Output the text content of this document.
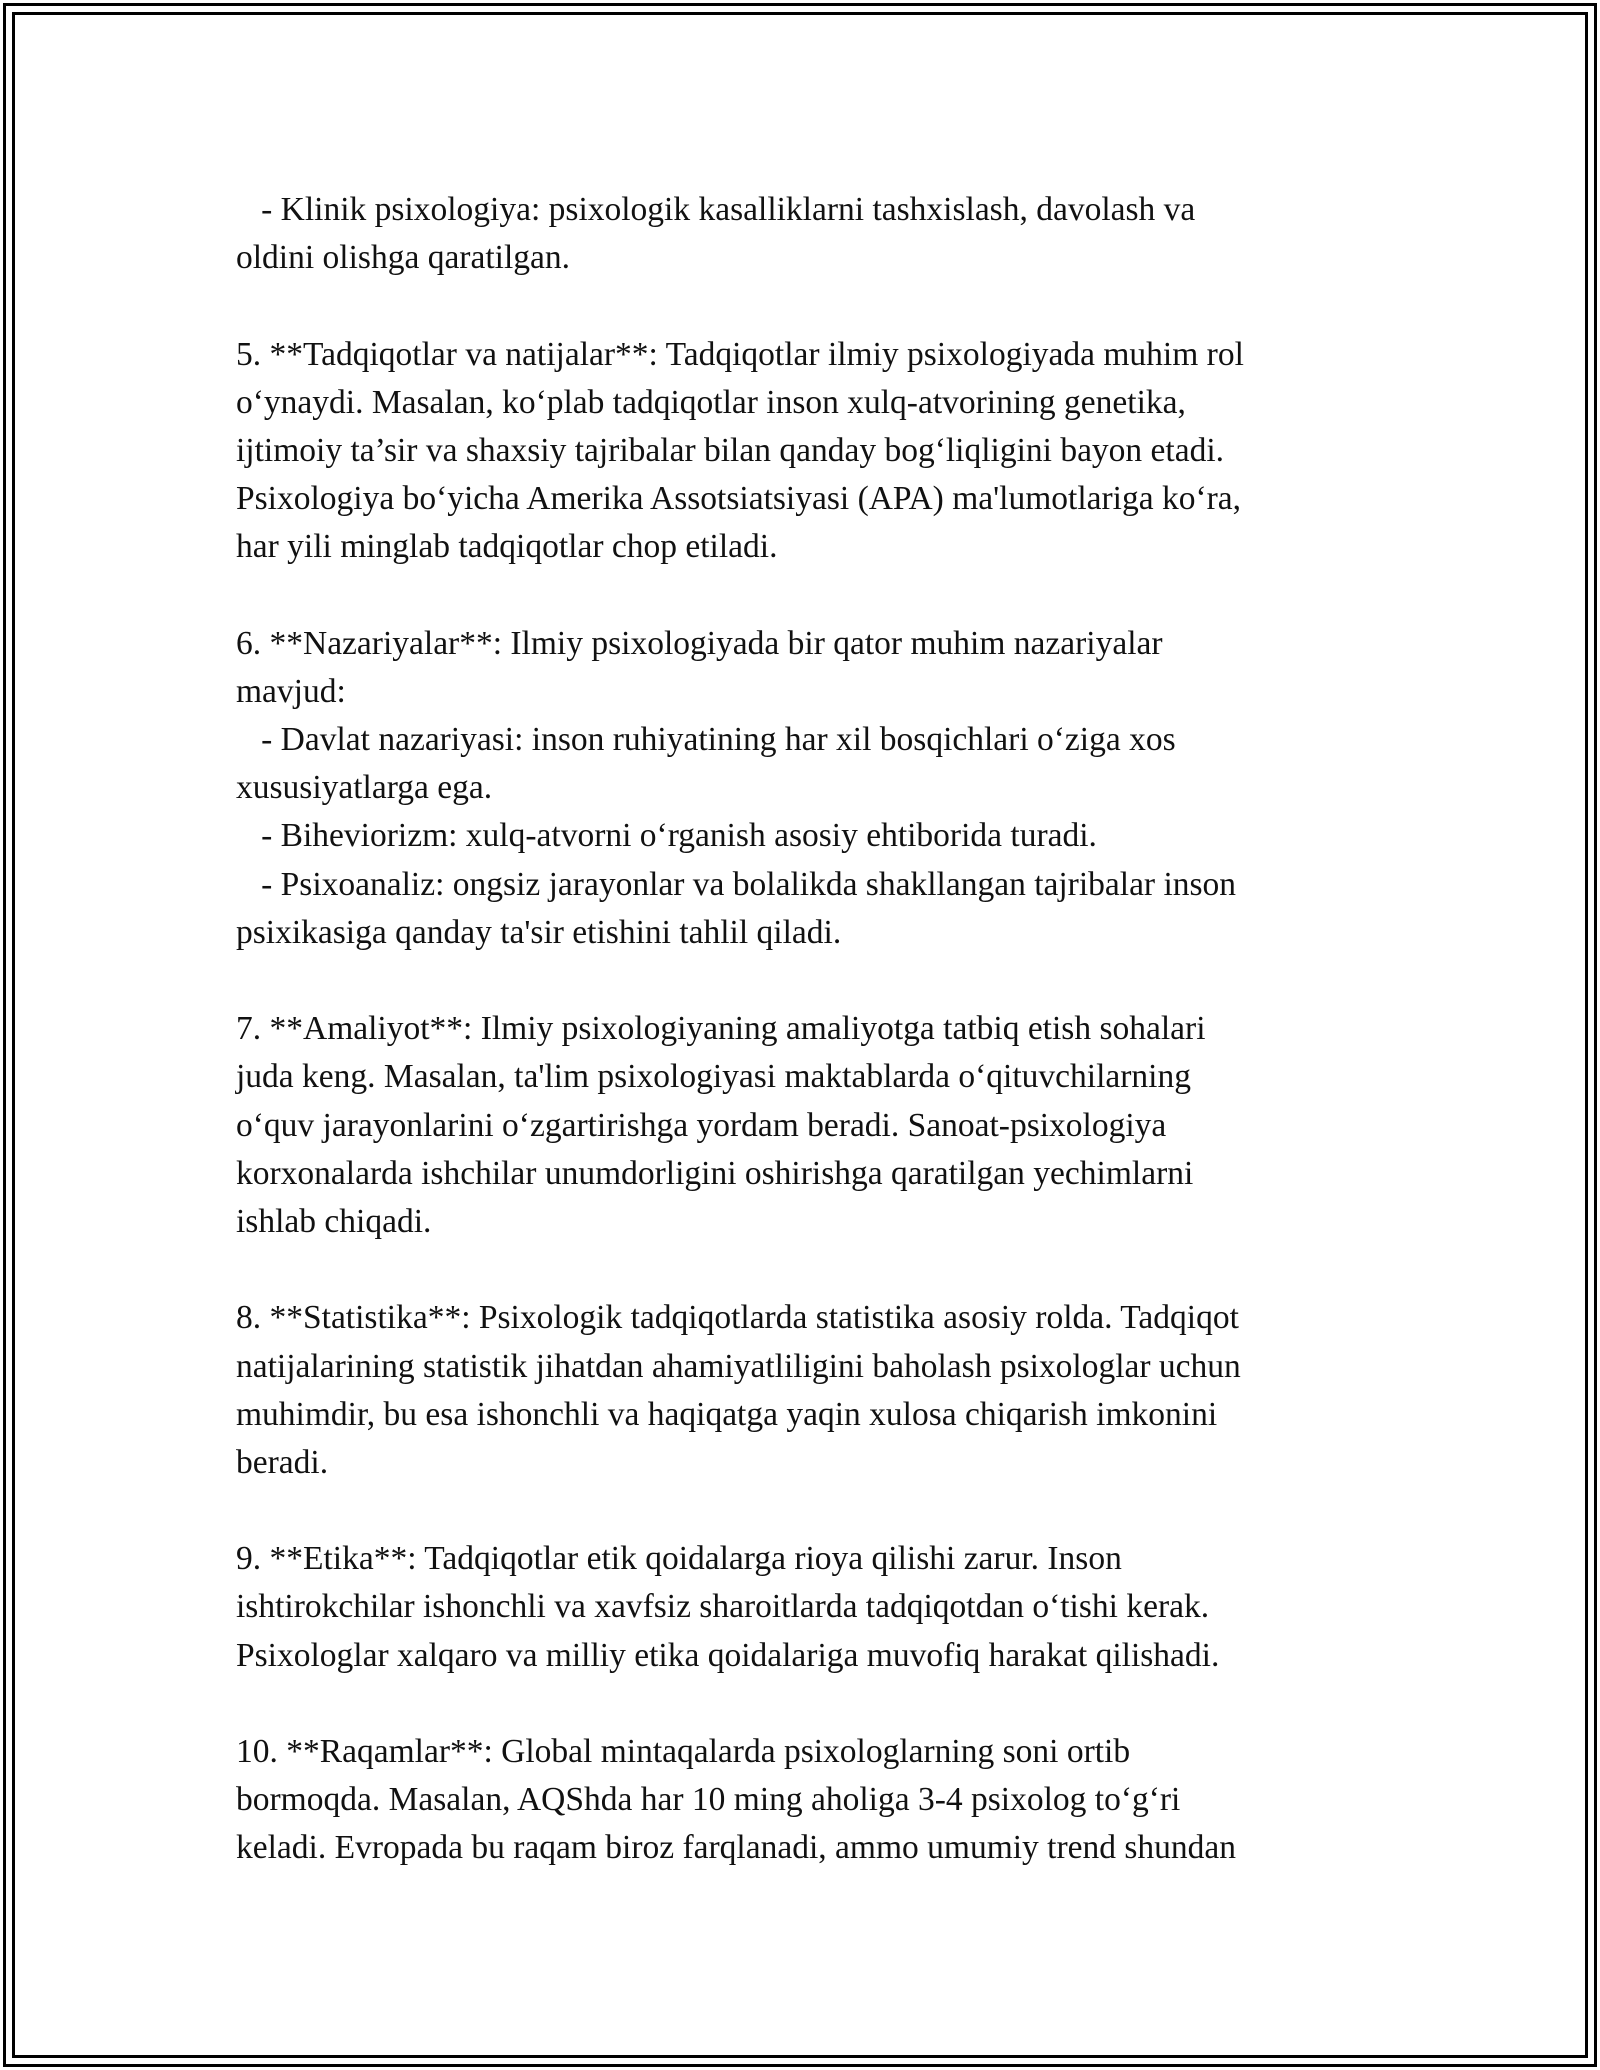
- Klinik psixologiya: psixologik kasalliklarni tashxislash, davolash va
oldini olishga qaratilgan.
5. **Tadqiqotlar va natijalar**: Tadqiqotlar ilmiy psixologiyada muhim rol
o‘ynaydi. Masalan, ko‘plab tadqiqotlar inson xulq-atvorining genetika,
ijtimoiy ta’sir va shaxsiy tajribalar bilan qanday bog‘liqligini bayon etadi.
Psixologiya bo‘yicha Amerika Assotsiatsiyasi (APA) ma'lumotlariga ko‘ra,
har yili minglab tadqiqotlar chop etiladi.
6. **Nazariyalar**: Ilmiy psixologiyada bir qator muhim nazariyalar
mavjud:
- Davlat nazariyasi: inson ruhiyatining har xil bosqichlari o‘ziga xos
xususiyatlarga ega.
- Biheviorizm: xulq-atvorni o‘rganish asosiy ehtiborida turadi.
- Psixoanaliz: ongsiz jarayonlar va bolalikda shakllangan tajribalar inson
psixikasiga qanday ta'sir etishini tahlil qiladi.
7. **Amaliyot**: Ilmiy psixologiyaning amaliyotga tatbiq etish sohalari
juda keng. Masalan, ta'lim psixologiyasi maktablarda o‘qituvchilarning
o‘quv jarayonlarini o‘zgartirishga yordam beradi. Sanoat-psixologiya
korxonalarda ishchilar unumdorligini oshirishga qaratilgan yechimlarni
ishlab chiqadi.
8. **Statistika**: Psixologik tadqiqotlarda statistika asosiy rolda. Tadqiqot
natijalarining statistik jihatdan ahamiyatliligini baholash psixologlar uchun
muhimdir, bu esa ishonchli va haqiqatga yaqin xulosa chiqarish imkonini
beradi.
9. **Etika**: Tadqiqotlar etik qoidalarga rioya qilishi zarur. Inson
ishtirokchilar ishonchli va xavfsiz sharoitlarda tadqiqotdan o‘tishi kerak.
Psixologlar xalqaro va milliy etika qoidalariga muvofiq harakat qilishadi.
10. **Raqamlar**: Global mintaqalarda psixologlarning soni ortib
bormoqda. Masalan, AQShda har 10 ming aholiga 3-4 psixolog to‘g‘ri
keladi. Evropada bu raqam biroz farqlanadi, ammo umumiy trend shundan
